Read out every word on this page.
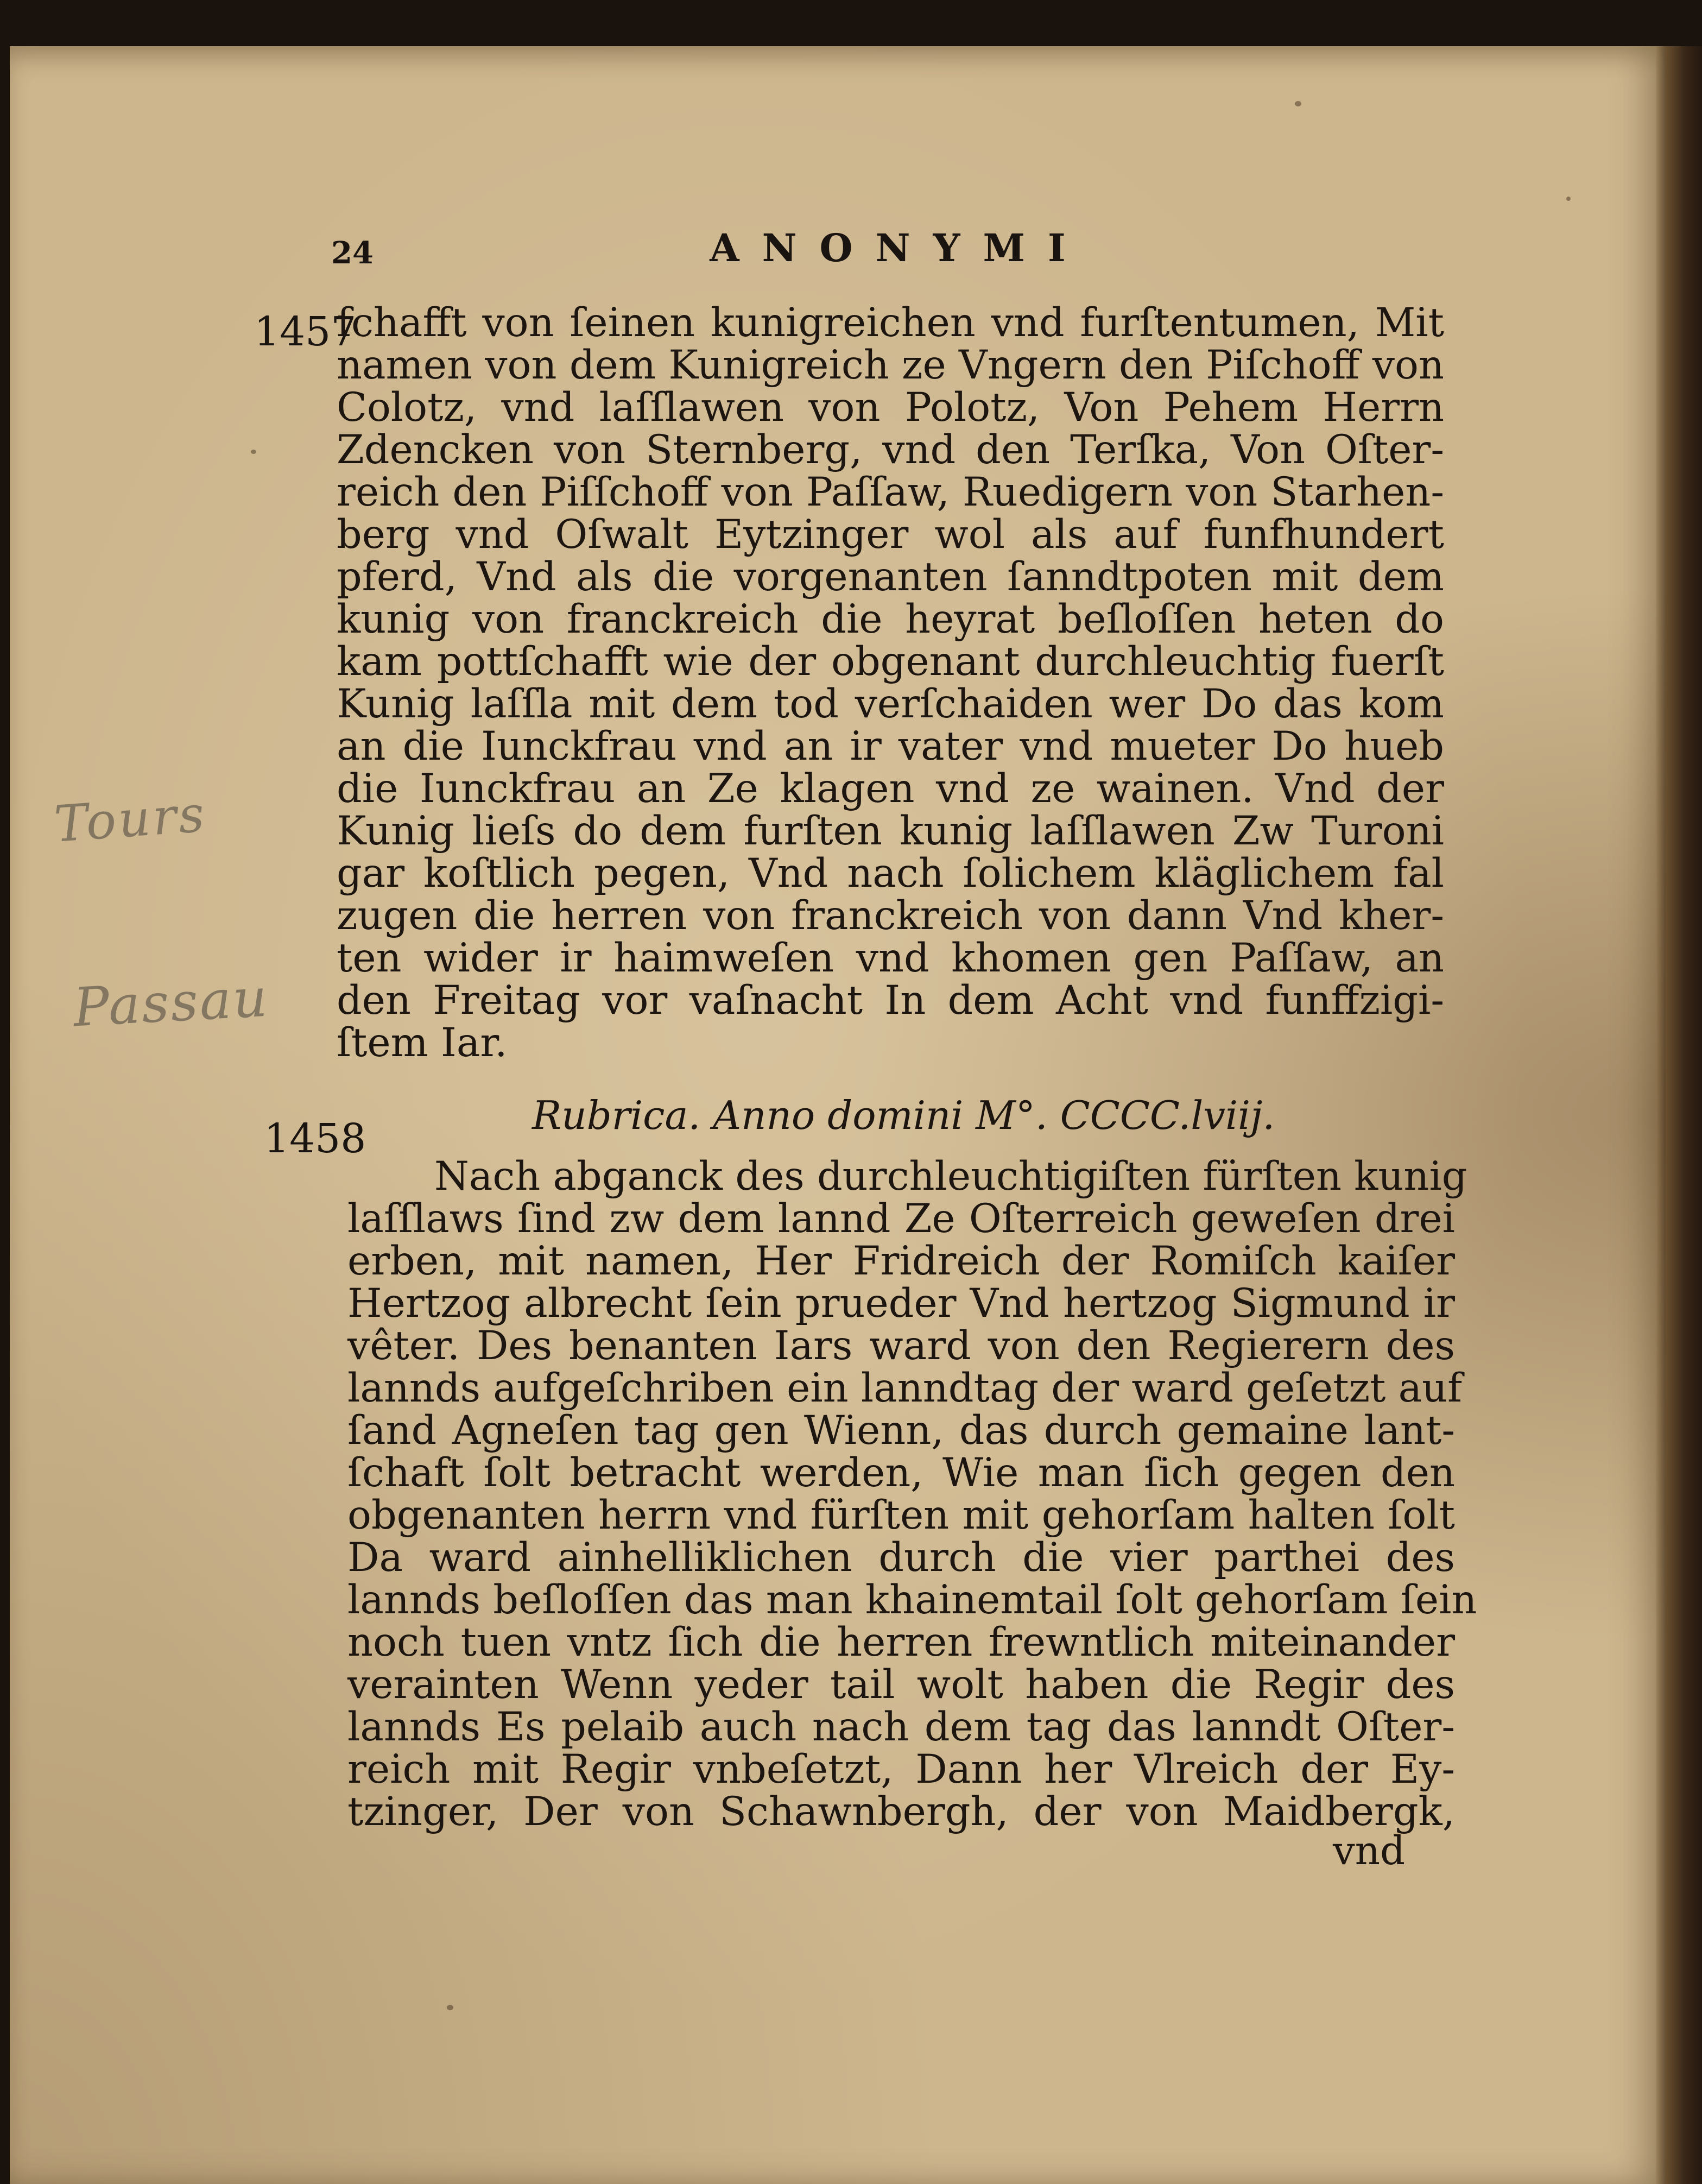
24	ANONYMI
1457
1458
Tours
Passau
ſchafft von ſeinen kunigreichen vnd furſtentumen, Mit
namen von dem Kunigreich ze Vngern den Piſchoff von
Colotz, vnd laſſlawen von Polotz, Von Pehem Herrn
Zdencken von Sternberg, vnd den Terſka, Von Oſter-
reich den Piſſchoff von Paſſaw, Ruedigern von Starhen-
berg vnd Oſwalt Eytzinger wol als auf funfhundert
pferd, Vnd als die vorgenanten ſanndtpoten mit dem
kunig von franckreich die heyrat beſloſſen heten do
kam pottſchafft wie der obgenant durchleuchtig fuerſt
Kunig laſſla mit dem tod verſchaiden wer Do das kom
an die Iunckfrau vnd an ir vater vnd mueter Do hueb
die Iunckfrau an Ze klagen vnd ze wainen. Vnd der
Kunig lieſs do dem furſten kunig laſſlawen Zw Turoni
gar koſtlich pegen, Vnd nach ſolichem kläglichem fal
zugen die herren von franckreich von dann Vnd kher-
ten wider ir haimweſen vnd khomen gen Paſſaw, an
den Freitag vor vaſnacht In dem Acht vnd funffzigi-
ſtem Iar.
Rubrica. Anno domini M°. CCCC.lviij.
Nach abganck des durchleuchtigiſten fürſten kunig
laſſlaws ſind zw dem lannd Ze Oſterreich geweſen drei
erben, mit namen, Her Fridreich der Romiſch kaiſer
Hertzog albrecht ſein prueder Vnd hertzog Sigmund ir
vêter. Des benanten Iars ward von den Regierern des
lannds aufgeſchriben ein lanndtag der ward geſetzt auf
ſand Agneſen tag gen Wienn, das durch gemaine lant-
ſchaft ſolt betracht werden, Wie man ſich gegen den
obgenanten herrn vnd fürſten mit gehorſam halten ſolt
Da ward ainhelliklichen durch die vier parthei des
lannds beſloſſen das man khainemtail ſolt gehorſam ſein
noch tuen vntz ſich die herren frewntlich miteinander
verainten Wenn yeder tail wolt haben die Regir des
lannds Es pelaib auch nach dem tag das lanndt Oſter-
reich mit Regir vnbeſetzt, Dann her Vlreich der Ey-
tzinger, Der von Schawnbergh, der von Maidbergk,
vnd
